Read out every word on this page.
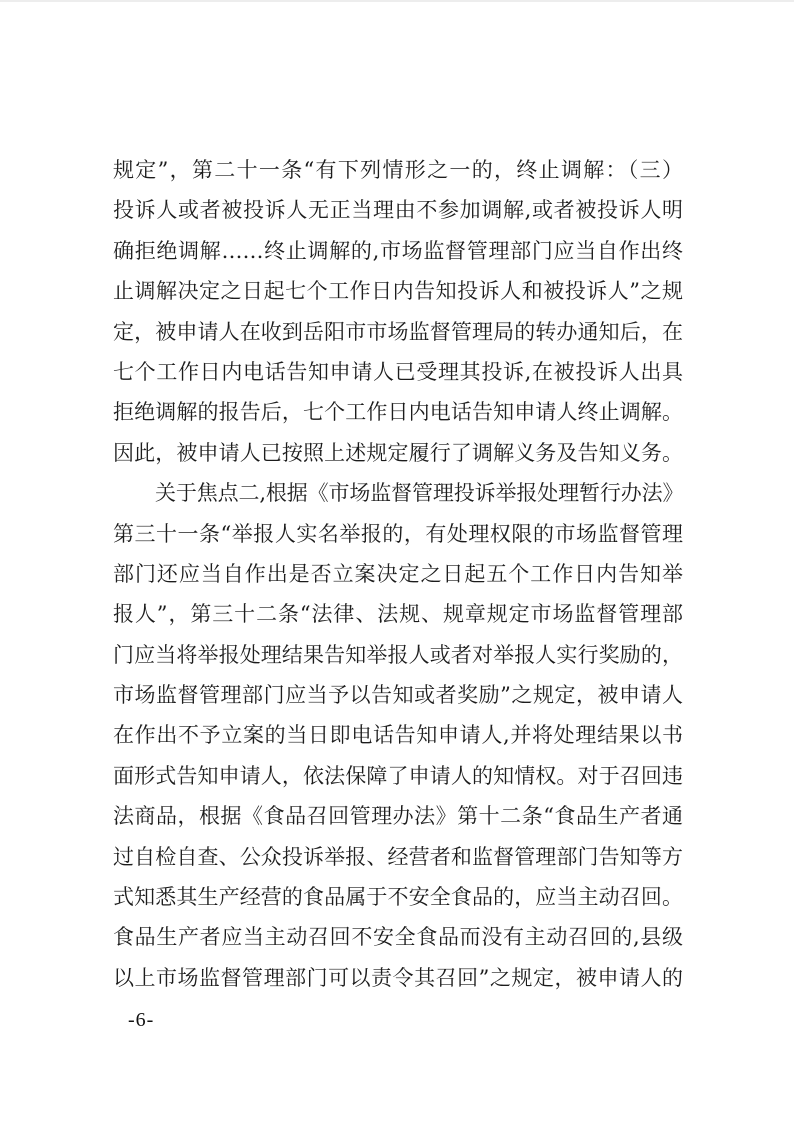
规定”，第二十一条“有下列情形之一的，终止调解：（三）
投诉人或者被投诉人无正当理由不参加调解,或者被投诉人明
确拒绝调解……终止调解的,市场监督管理部门应当自作出终
止调解决定之日起七个工作日内告知投诉人和被投诉人”之规
定，被申请人在收到岳阳市市场监督管理局的转办通知后，在
七个工作日内电话告知申请人已受理其投诉,在被投诉人出具
拒绝调解的报告后，七个工作日内电话告知申请人终止调解。
因此，被申请人已按照上述规定履行了调解义务及告知义务。
关于焦点二,根据《市场监督管理投诉举报处理暂行办法》
第三十一条“举报人实名举报的，有处理权限的市场监督管理
部门还应当自作出是否立案决定之日起五个工作日内告知举
报人”，第三十二条“法律、法规、规章规定市场监督管理部
门应当将举报处理结果告知举报人或者对举报人实行奖励的，
市场监督管理部门应当予以告知或者奖励”之规定，被申请人
在作出不予立案的当日即电话告知申请人,并将处理结果以书
面形式告知申请人，依法保障了申请人的知情权。对于召回违
法商品，根据《食品召回管理办法》第十二条“食品生产者通
过自检自查、公众投诉举报、经营者和监督管理部门告知等方
式知悉其生产经营的食品属于不安全食品的，应当主动召回。
食品生产者应当主动召回不安全食品而没有主动召回的,县级
以上市场监督管理部门可以责令其召回”之规定，被申请人的
-6-
